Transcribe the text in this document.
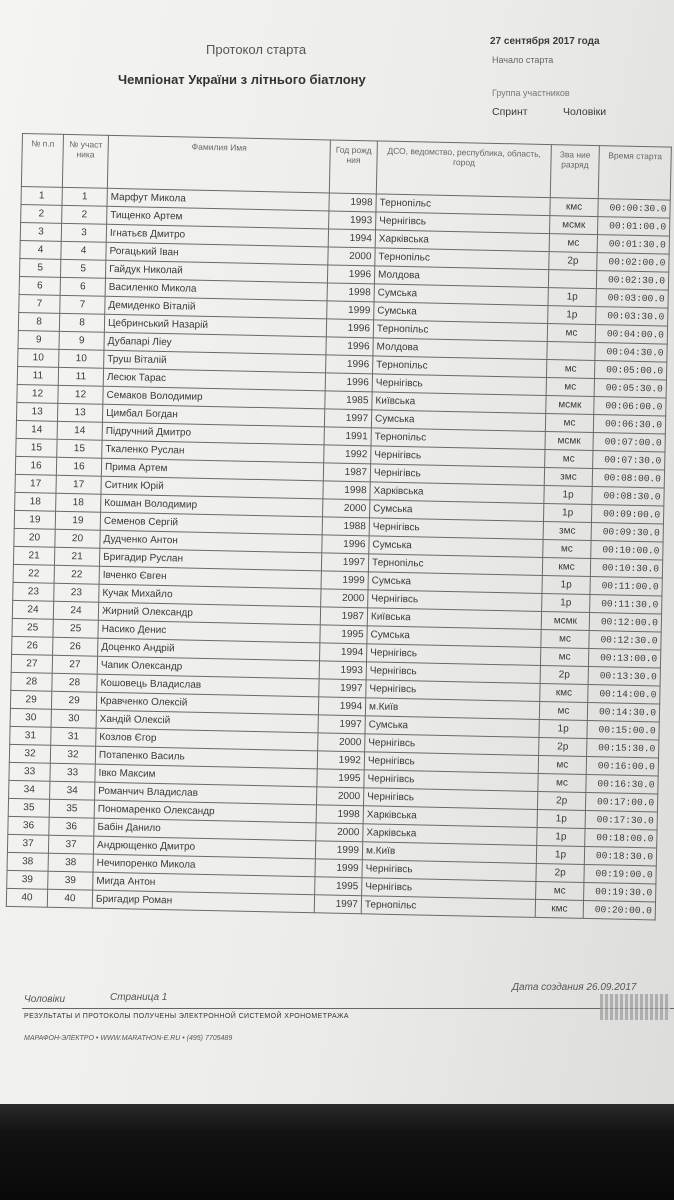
Протокол старта
Чемпіонат України з літнього біатлону
27 сентября 2017 года
Начало старта
Группа участников
Спринт	Чоловіки
№ п.п	№ участ ника	Фамилия Имя	Год рожд ния	ДСО, ведомство, республика, область, город	Зва ние разряд	Время старта
1	1	Марфут Микола	1998	Тернопільс	кмс	00:00:30.0
2	2	Тищенко Артем	1993	Чернігівсь	мсмк	00:01:00.0
3	3	Ігнатьєв Дмитро	1994	Харківська	мс	00:01:30.0
4	4	Рогацький Іван	2000	Тернопільс	2р	00:02:00.0
5	5	Гайдук Николай	1996	Молдова		00:02:30.0
6	6	Василенко Микола	1998	Сумська	1р	00:03:00.0
7	7	Демиденко Віталій	1999	Сумська	1р	00:03:30.0
8	8	Цебринський Назарій	1996	Тернопільс	мс	00:04:00.0
9	9	Дубапарі Ліеу	1996	Молдова		00:04:30.0
10	10	Труш Віталій	1996	Тернопільс	мс	00:05:00.0
11	11	Лесюк Тарас	1996	Чернігівсь	мс	00:05:30.0
12	12	Семаков Володимир	1985	Київська	мсмк	00:06:00.0
13	13	Цимбал Богдан	1997	Сумська	мс	00:06:30.0
14	14	Підручний Дмитро	1991	Тернопільс	мсмк	00:07:00.0
15	15	Ткаленко Руслан	1992	Чернігівсь	мс	00:07:30.0
16	16	Прима Артем	1987	Чернігівсь	змс	00:08:00.0
17	17	Ситник Юрій	1998	Харківська	1р	00:08:30.0
18	18	Кошман Володимир	2000	Сумська	1р	00:09:00.0
19	19	Семенов Сергій	1988	Чернігівсь	змс	00:09:30.0
20	20	Дудченко Антон	1996	Сумська	мс	00:10:00.0
21	21	Бригадир Руслан	1997	Тернопільс	кмс	00:10:30.0
22	22	Івченко Євген	1999	Сумська	1р	00:11:00.0
23	23	Кучак Михайло	2000	Чернігівсь	1р	00:11:30.0
24	24	Жирний Олександр	1987	Київська	мсмк	00:12:00.0
25	25	Насико Денис	1995	Сумська	мс	00:12:30.0
26	26	Доценко Андрій	1994	Чернігівсь	мс	00:13:00.0
27	27	Чапик Олександр	1993	Чернігівсь	2р	00:13:30.0
28	28	Кошовець Владислав	1997	Чернігівсь	кмс	00:14:00.0
29	29	Кравченко Олексій	1994	м.Київ	мс	00:14:30.0
30	30	Хандій Олексій	1997	Сумська	1р	00:15:00.0
31	31	Козлов Єгор	2000	Чернігівсь	2р	00:15:30.0
32	32	Потапенко Василь	1992	Чернігівсь	мс	00:16:00.0
33	33	Івко Максим	1995	Чернігівсь	мс	00:16:30.0
34	34	Романчич Владислав	2000	Чернігівсь	2р	00:17:00.0
35	35	Пономаренко Олександр	1998	Харківська	1р	00:17:30.0
36	36	Бабін Данило	2000	Харківська	1р	00:18:00.0
37	37	Андрющенко Дмитро	1999	м.Київ	1р	00:18:30.0
38	38	Нечипоренко Микола	1999	Чернігівсь	2р	00:19:00.0
39	39	Мигда Антон	1995	Чернігівсь	мс	00:19:30.0
40	40	Бригадир Роман	1997	Тернопільс	кмс	00:20:00.0
Чоловіки	Страница 1
Дата создания 26.09.2017
РЕЗУЛЬТАТЫ И ПРОТОКОЛЫ ПОЛУЧЕНЫ ЭЛЕКТРОННОЙ СИСТЕМОЙ ХРОНОМЕТРАЖА
МАРАФОН-ЭЛЕКТРО • WWW.MARATHON-E.RU • (495) 7705489
